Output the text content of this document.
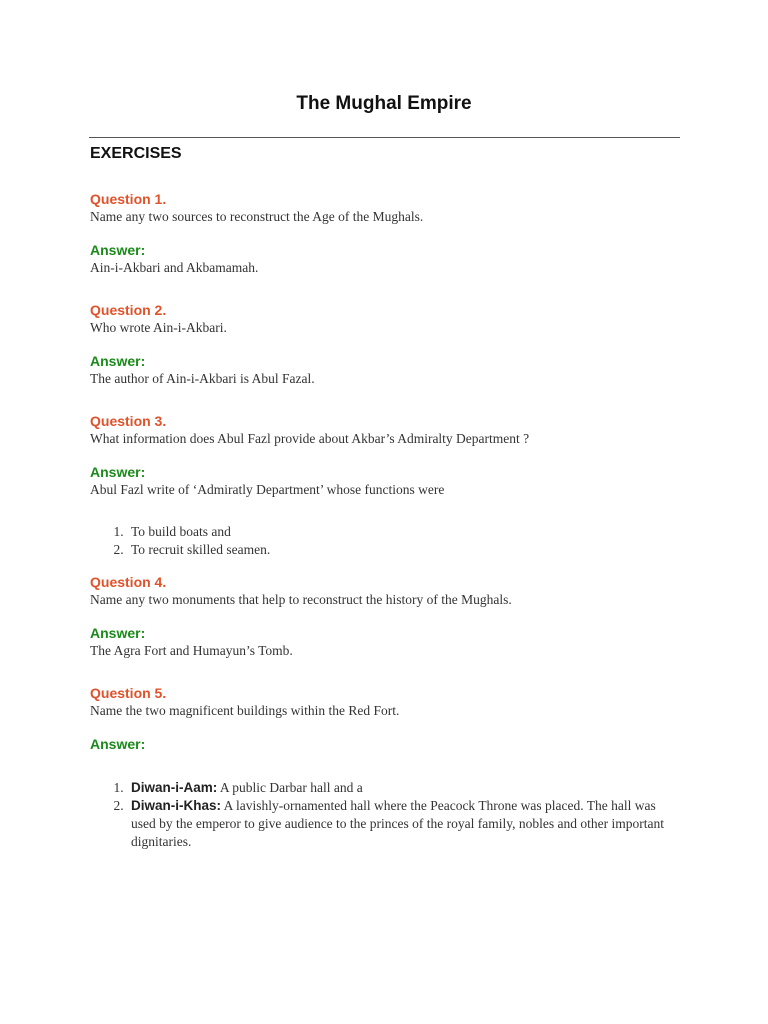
The Mughal Empire
EXERCISES
Question 1.
Name any two sources to reconstruct the Age of the Mughals.
Answer:
Ain-i-Akbari and Akbamamah.
Question 2.
Who wrote Ain-i-Akbari.
Answer:
The author of Ain-i-Akbari is Abul Fazal.
Question 3.
What information does Abul Fazl provide about Akbar’s Admiralty Department ?
Answer:
Abul Fazl write of ‘Admiratly Department’ whose functions were
1. To build boats and
2. To recruit skilled seamen.
Question 4.
Name any two monuments that help to reconstruct the history of the Mughals.
Answer:
The Agra Fort and Humayun’s Tomb.
Question 5.
Name the two magnificent buildings within the Red Fort.
Answer:
1. Diwan-i-Aam: A public Darbar hall and a
2. Diwan-i-Khas: A lavishly-ornamented hall where the Peacock Throne was placed. The hall was used by the emperor to give audience to the princes of the royal family, nobles and other important dignitaries.
